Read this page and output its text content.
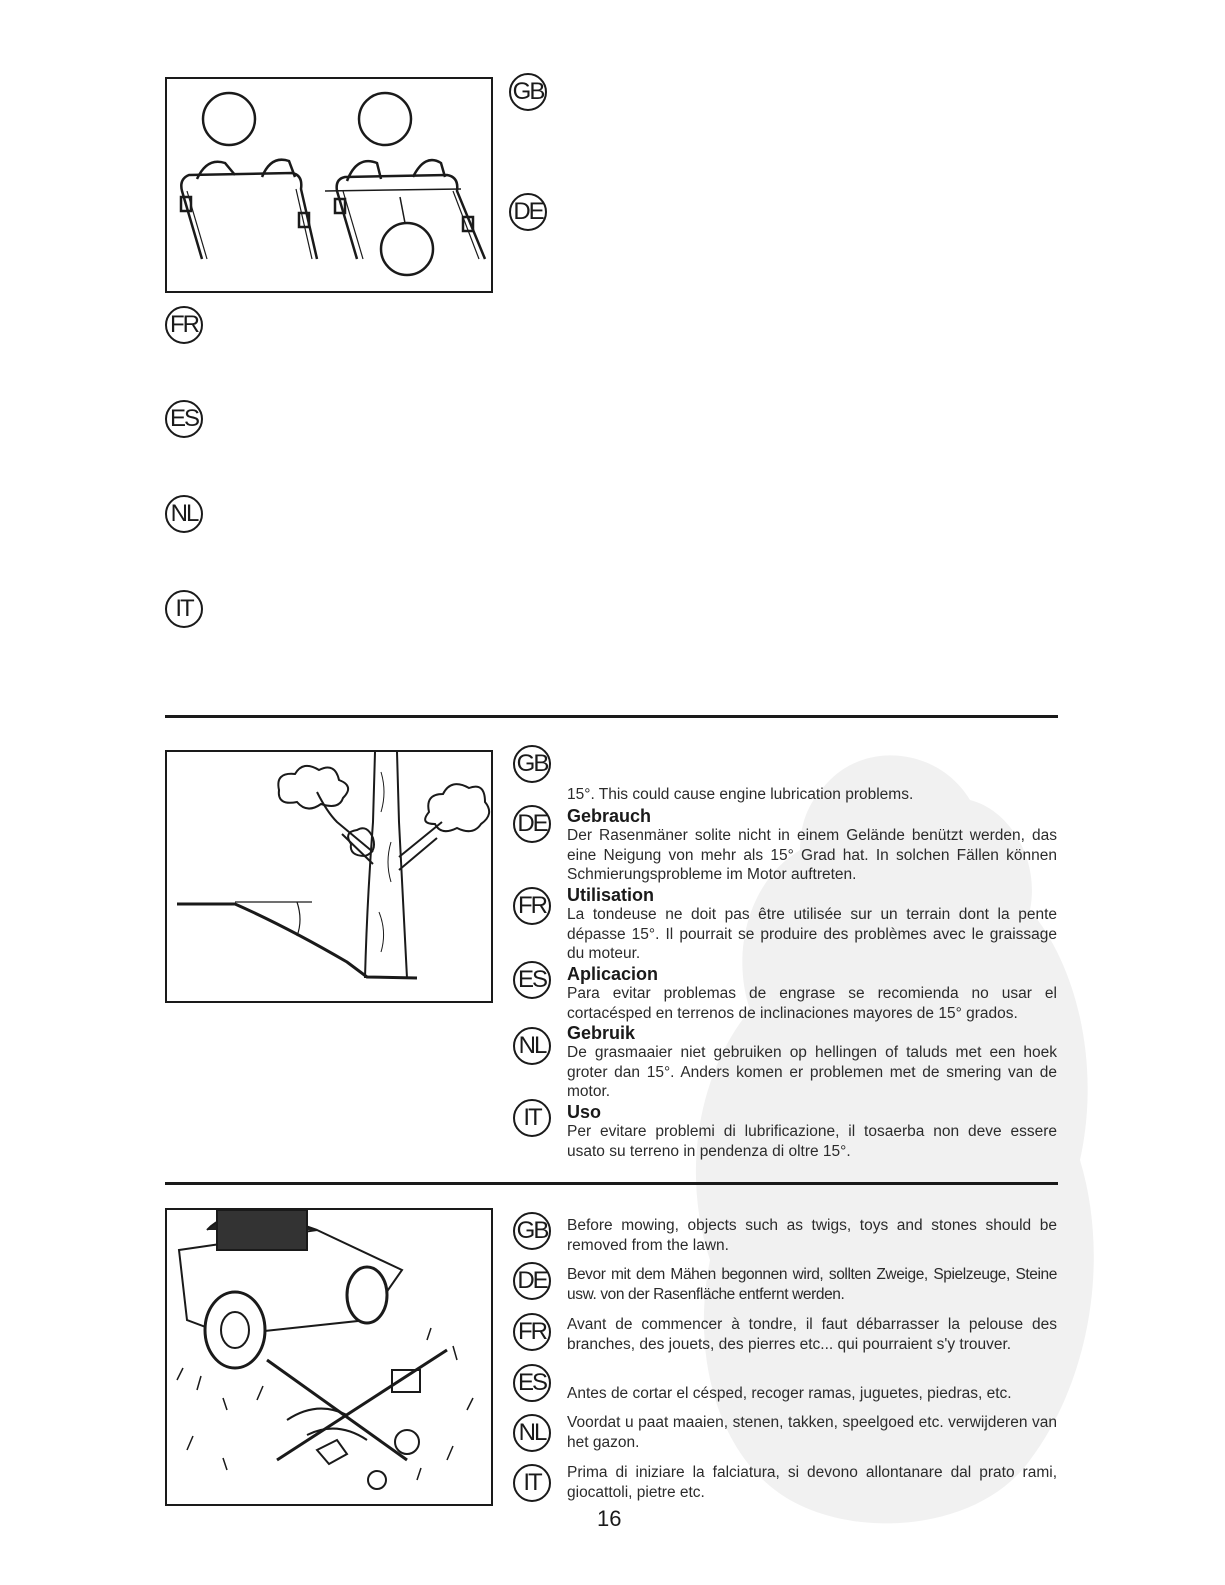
GB
DE
FR
ES
NL
IT
GB
15°. This could cause engine lubrication problems.
DE Gebrauch
Der Rasenmäner solite nicht in einem Gelände benützt werden, das eine Neigung von mehr als 15° Grad hat. In solchen Fällen können Schmierungsprobleme im Motor auftreten.
FR Utilisation
La tondeuse ne doit pas être utilisée sur un terrain dont la pente dépasse 15°. Il pourrait se produire des problèmes avec le graissage du moteur.
ES Aplicacion
Para evitar problemas de engrase se recomienda no usar el cortacésped en terrenos de inclinaciones mayores de 15° grados.
NL	Gebruik
De grasmaaier niet gebruiken op hellingen of taluds met een hoek groter dan 15°. Anders komen er problemen met de smering van de motor.
IT	Uso
Per evitare problemi di lubrificazione, il tosaerba non deve essere usato su terreno in pendenza di oltre 15°.
GB Before mowing, objects such as twigs, toys and stones should be removed from the lawn.
DE Bevor mit dem Mähen begonnen wird, sollten Zweige, Spielzeuge, Steine usw. von der Rasenfläche entfernt werden.
FR	Avant de commencer à tondre, il faut débarrasser la pelouse des branches, des jouets, des pierres etc... qui pourraient s'y trouver.
ES	Antes de cortar el césped, recoger ramas, juguetes, piedras, etc.
NL	Voordat u paat maaien, stenen, takken, speelgoed etc. verwijderen van het gazon.
IT	Prima di iniziare la falciatura, si devono allontanare dal prato rami, giocattoli, pietre etc.
16
